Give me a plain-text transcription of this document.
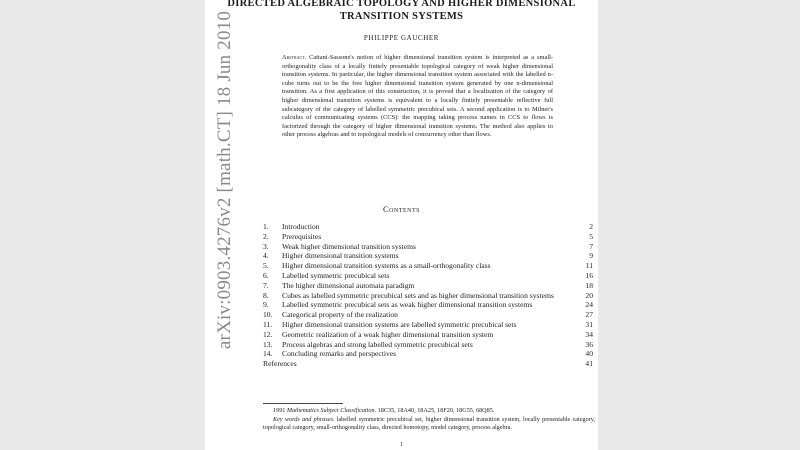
DIRECTED ALGEBRAIC TOPOLOGY AND HIGHER DIMENSIONAL
TRANSITION SYSTEMS
PHILIPPE GAUCHER
Abstract. Cattani-Sassone's notion of higher dimensional transition system is interpreted as a small-orthogonality class of a locally finitely presentable topological category of weak higher dimensional transition systems. In particular, the higher dimensional transition system associated with the labelled n-cube turns out to be the free higher dimensional transition system generated by one n-dimensional transition. As a first application of this construction, it is proved that a localization of the category of higher dimensional transition systems is equivalent to a locally finitely presentable reflective full subcategory of the category of labelled symmetric precubical sets. A second application is to Milner's calculus of communicating systems (CCS): the mapping taking process names in CCS to flows is factorized through the category of higher dimensional transition systems. The method also applies to other process algebras and to topological models of concurrency other than flows.
Contents
1.	Introduction	2
2.	Prerequisites	5
3.	Weak higher dimensional transition systems	7
4.	Higher dimensional transition systems	9
5.	Higher dimensional transition systems as a small-orthogonality class	11
6.	Labelled symmetric precubical sets	16
7.	The higher dimensional automata paradigm	18
8.	Cubes as labelled symmetric precubical sets and as higher dimensional transition systems	20
9.	Labelled symmetric precubical sets as weak higher dimensional transition systems	24
10.	Categorical property of the realization	27
11.	Higher dimensional transition systems are labelled symmetric precubical sets	31
12.	Geometric realization of a weak higher dimensional transition system	34
13.	Process algebras and strong labelled symmetric precubical sets	36
14.	Concluding remarks and perspectives	40
References	41
1991 Mathematics Subject Classification. 18C35, 18A40, 18A25, 18F20, 18G55, 68Q85.
Key words and phrases. labelled symmetric precubical set, higher dimensional transition system, locally presentable category, topological category, small-orthogonality class, directed homotopy, model category, process algebra.
1
arXiv:0903.4276v2 [math.CT] 18 Jun 2010
